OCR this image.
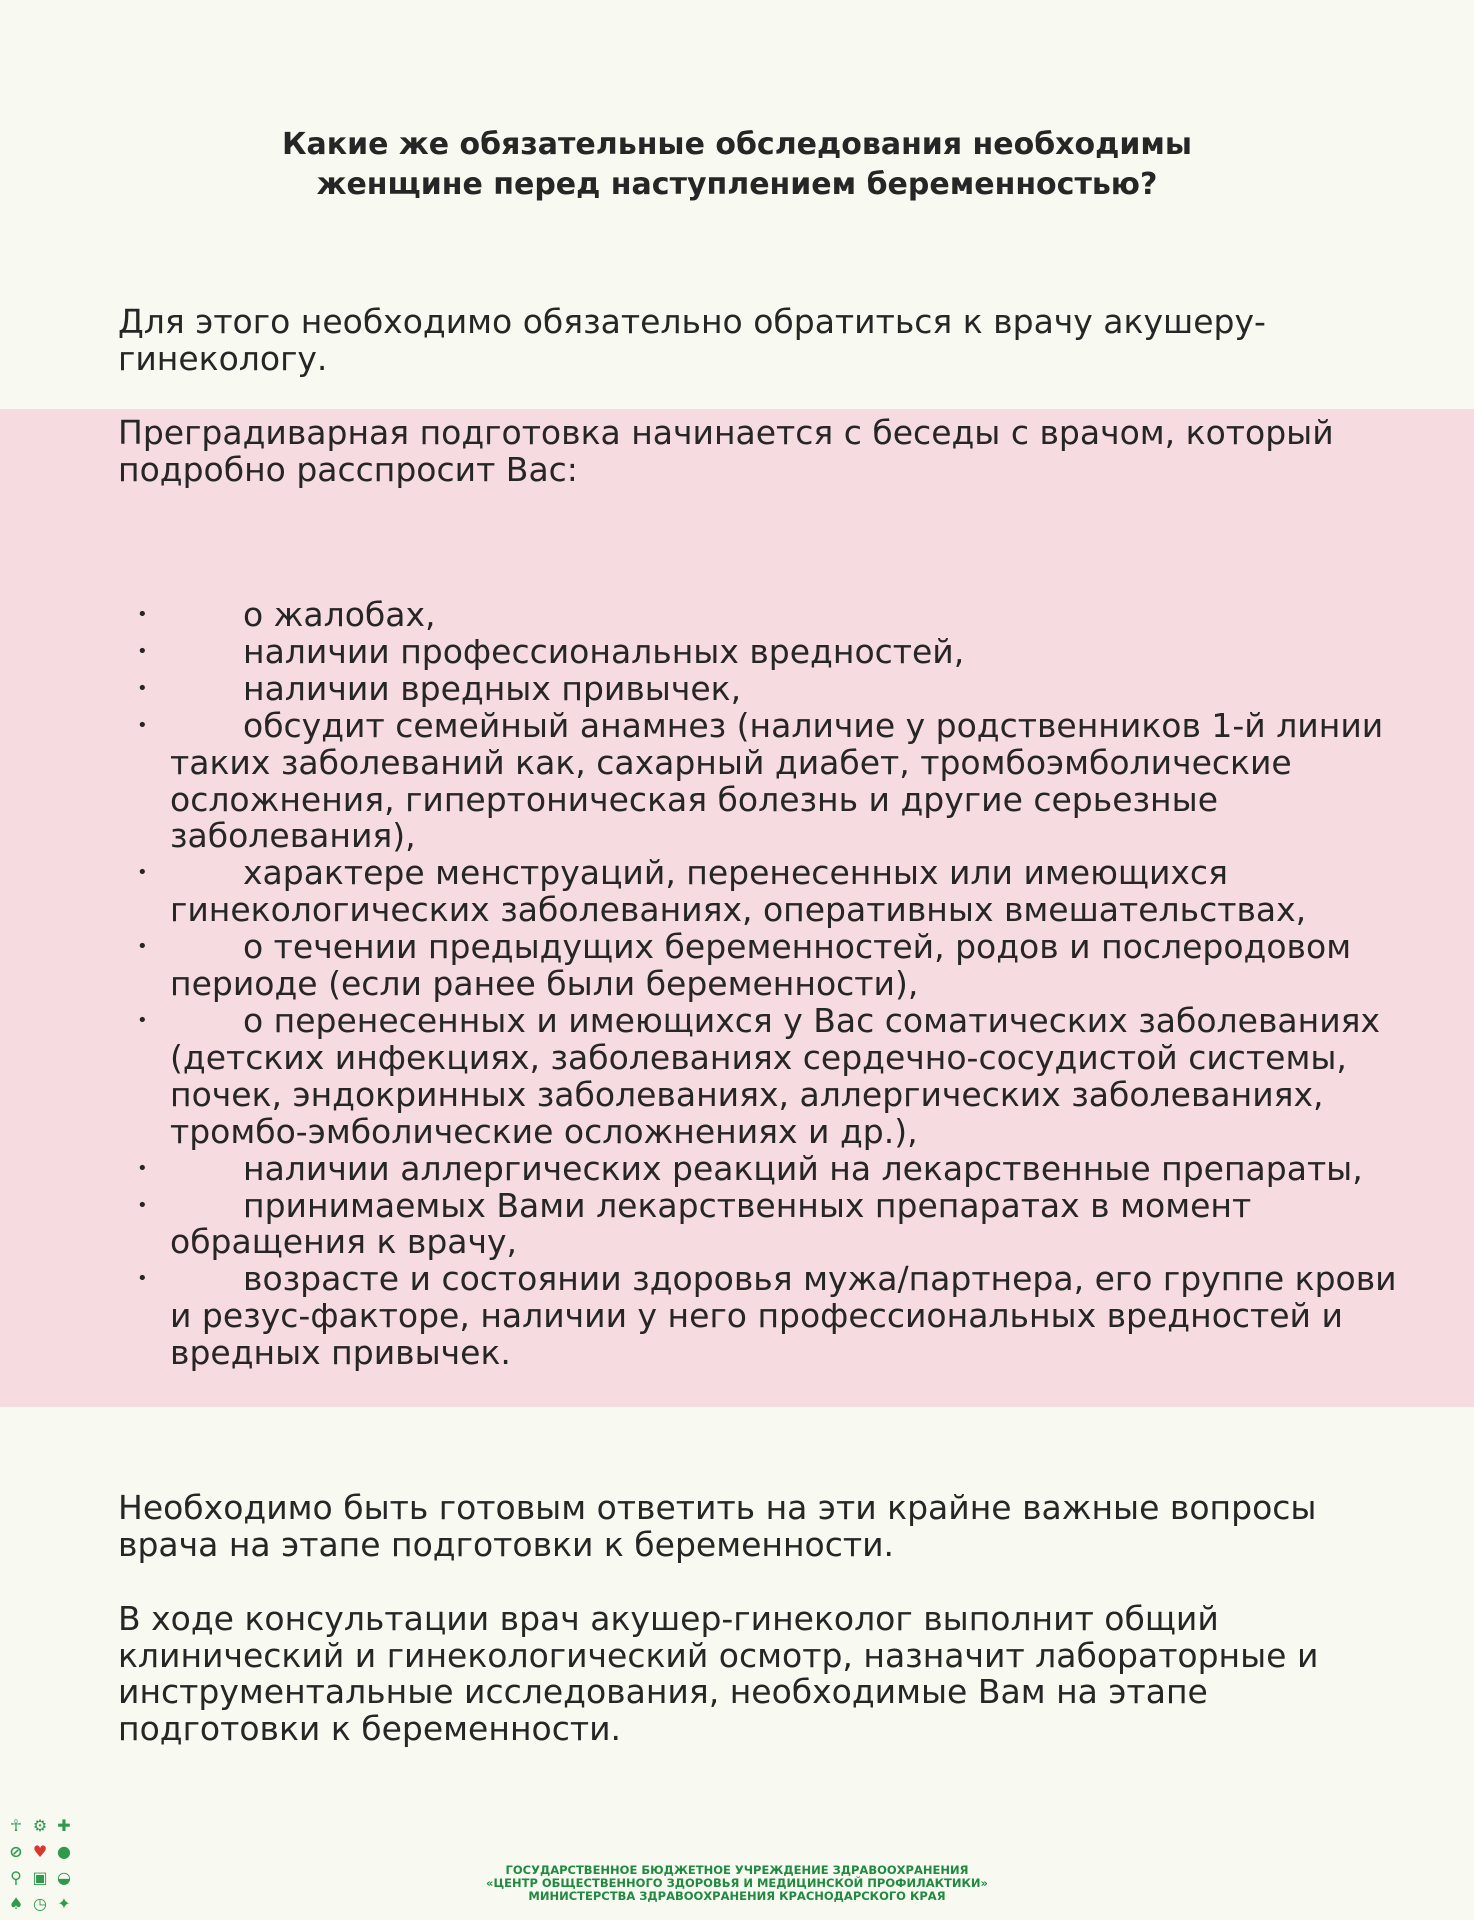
Какие же обязательные обследования необходимы
женщине перед наступлением беременностью?

Для этого необходимо обязательно обратиться к врачу акушеру-
гинекологу.

Преградиварная подготовка начинается с беседы с врачом, который
подробно расспросит Вас:

•	о жалобах,
•	наличии профессиональных вредностей,
•	наличии вредных привычек,
•	обсудит семейный анамнез (наличие у родственников 1-й линии
таких заболеваний как, сахарный диабет, тромбоэмболические
осложнения, гипертоническая болезнь и другие серьезные
заболевания),
•	характере менструаций, перенесенных или имеющихся
гинекологических заболеваниях, оперативных вмешательствах,
•	о течении предыдущих беременностей, родов и послеродовом
периоде (если ранее были беременности),
•	о перенесенных и имеющихся у Вас соматических заболеваниях
(детских инфекциях, заболеваниях сердечно-сосудистой системы,
почек, эндокринных заболеваниях, аллергических заболеваниях,
тромбо-эмболические осложнениях и др.),
•	наличии аллергических реакций на лекарственные препараты,
•	принимаемых Вами лекарственных препаратах в момент
обращения к врачу,
•	возрасте и состоянии здоровья мужа/партнера, его группе крови
и резус-факторе, наличии у него профессиональных вредностей и
вредных привычек.

Необходимо быть готовым ответить на эти крайне важные вопросы
врача на этапе подготовки к беременности.

В ходе консультации врач акушер-гинеколог выполнит общий
клинический и гинекологический осмотр, назначит лабораторные и
инструментальные исследования, необходимые Вам на этапе
подготовки к беременности.

☥ ⚙ ✚
⊘ ♥ ●
⚲ ▣ ◒
♠ ◷ ✦
ГОСУДАРСТВЕННОЕ БЮДЖЕТНОЕ УЧРЕЖДЕНИЕ ЗДРАВООХРАНЕНИЯ
«ЦЕНТР ОБЩЕСТВЕННОГО ЗДОРОВЬЯ И МЕДИЦИНСКОЙ ПРОФИЛАКТИКИ»
МИНИСТЕРСТВА ЗДРАВООХРАНЕНИЯ КРАСНОДАРСКОГО КРАЯ
